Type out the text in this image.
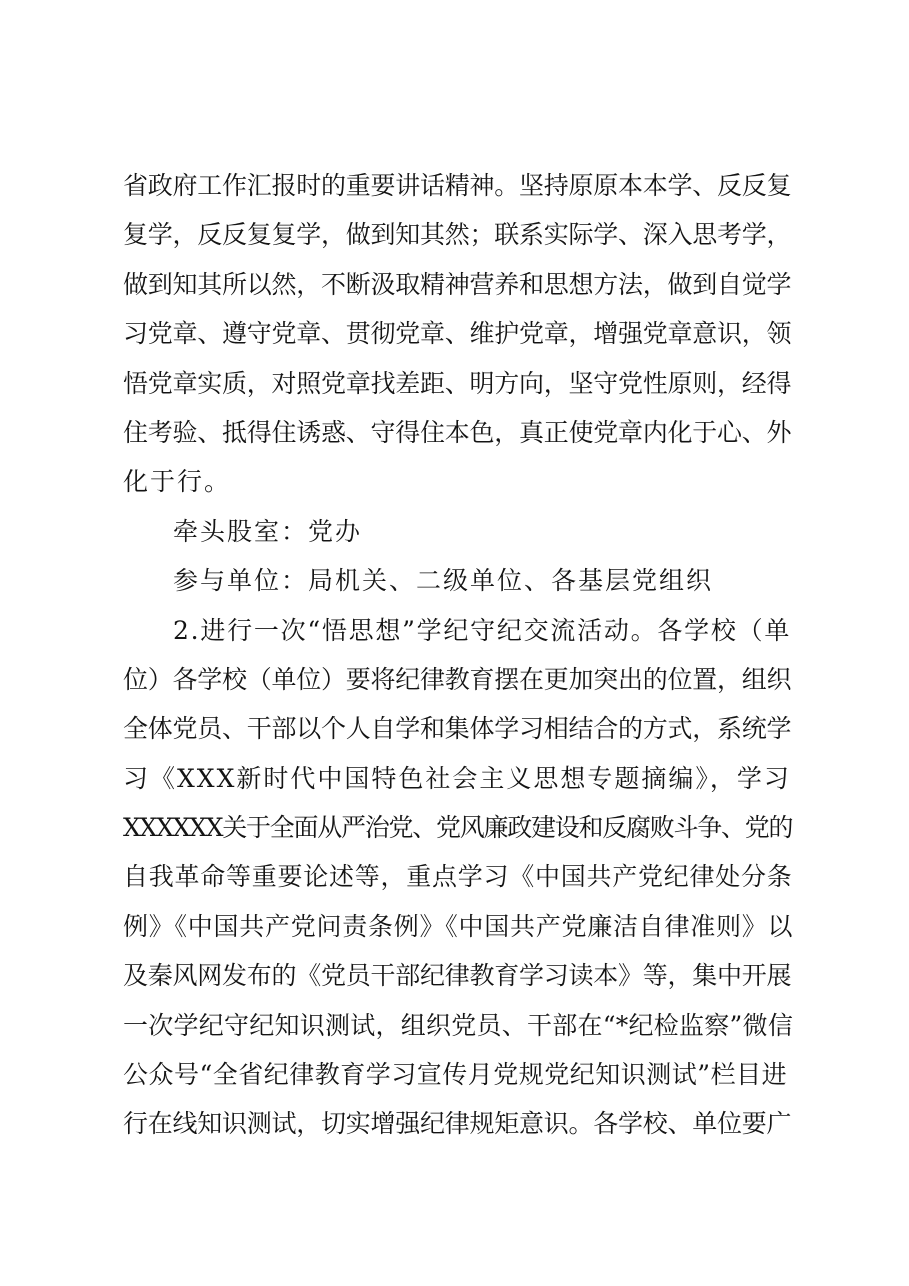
省政府工作汇报时的重要讲话精神。坚持原原本本学、反反复
复学，反反复复学，做到知其然；联系实际学、深入思考学，
做到知其所以然，不断汲取精神营养和思想方法，做到自觉学
习党章、遵守党章、贯彻党章、维护党章，增强党章意识，领
悟党章实质，对照党章找差距、明方向，坚守党性原则，经得
住考验、抵得住诱惑、守得住本色，真正使党章内化于心、外
化于行。
牵头股室：党办
参与单位：局机关、二级单位、各基层党组织
2.进行一次“悟思想”学纪守纪交流活动。各学校（单
位）各学校（单位）要将纪律教育摆在更加突出的位置，组织
全体党员、干部以个人自学和集体学习相结合的方式，系统学
习《XXX新时代中国特色社会主义思想专题摘编》，学习
XXXXXX关于全面从严治党、党风廉政建设和反腐败斗争、党的
自我革命等重要论述等，重点学习《中国共产党纪律处分条
例》《中国共产党问责条例》《中国共产党廉洁自律准则》以
及秦风网发布的《党员干部纪律教育学习读本》等，集中开展
一次学纪守纪知识测试，组织党员、干部在“*纪检监察”微信
公众号“全省纪律教育学习宣传月党规党纪知识测试”栏目进
行在线知识测试，切实增强纪律规矩意识。各学校、单位要广
